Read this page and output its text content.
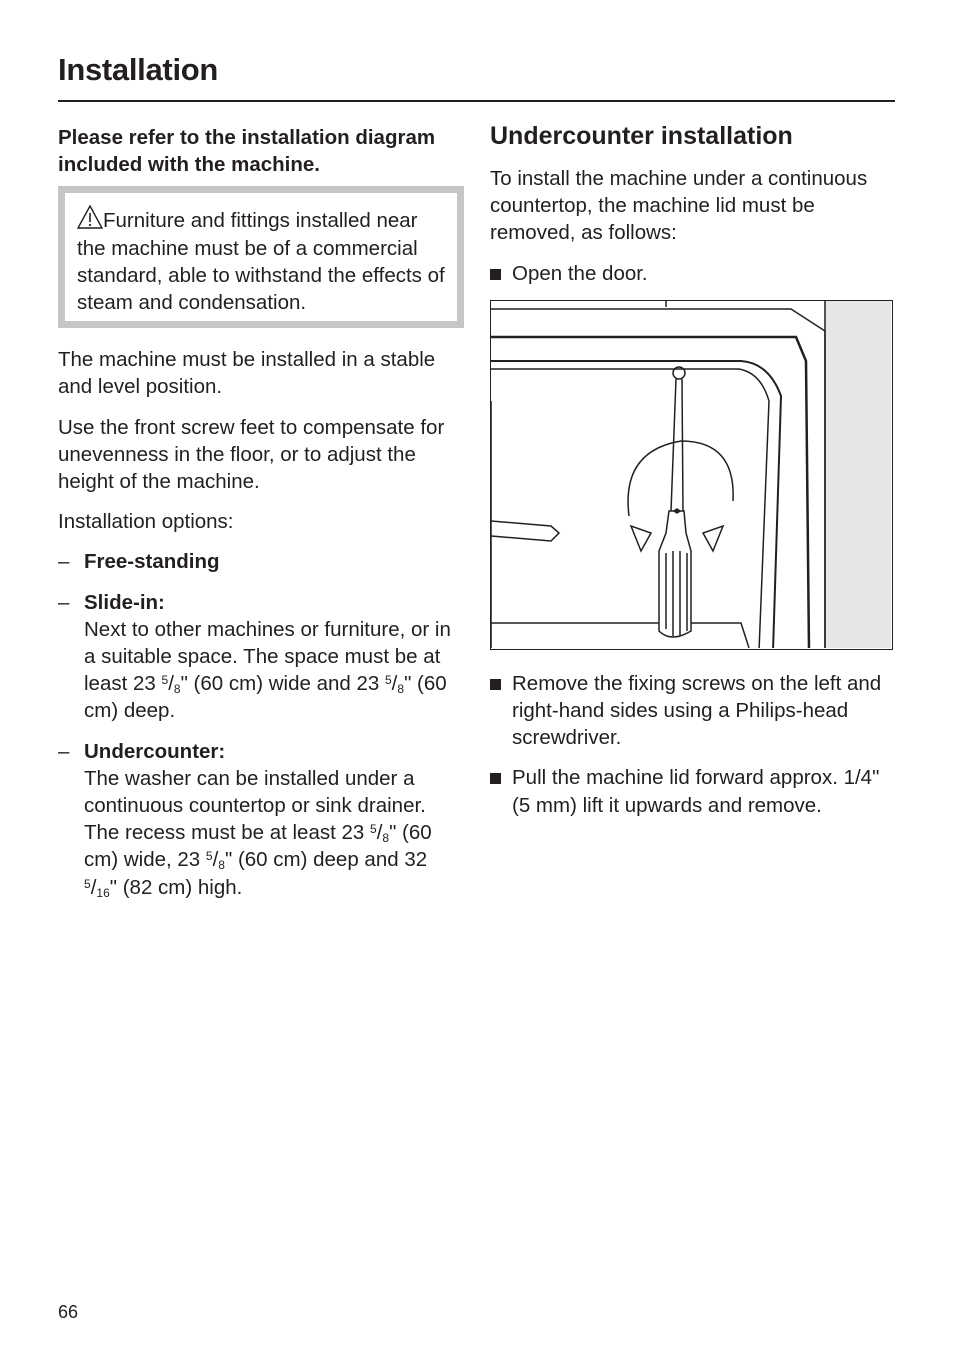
Installation

Please refer to the installation diagram included with the machine.

Furniture and fittings installed near the machine must be of a commercial standard, able to withstand the effects of steam and condensation.

The machine must be installed in a stable and level position.

Use the front screw feet to compensate for unevenness in the floor, or to adjust the height of the machine.

Installation options:

– Free-standing
– Slide-in:
Next to other machines or furniture, or in a suitable space. The space must be at least 23 $^5/_8$" (60 cm) wide and 23 $^5/_8$" (60 cm) deep.
– Undercounter:
The washer can be installed under a continuous countertop or sink drainer.
The recess must be at least 23 $^5/_8$" (60 cm) wide, 23 $^5/_8$" (60 cm) deep and 32 $^5/_{16}$" (82 cm) high.
Undercounter installation

To install the machine under a continuous countertop, the machine lid must be removed, as follows:

Open the door.
Remove the fixing screws on the left and right-hand sides using a Philips-head screwdriver.
Pull the machine lid forward approx. 1/4" (5 mm) lift it upwards and remove.
66
